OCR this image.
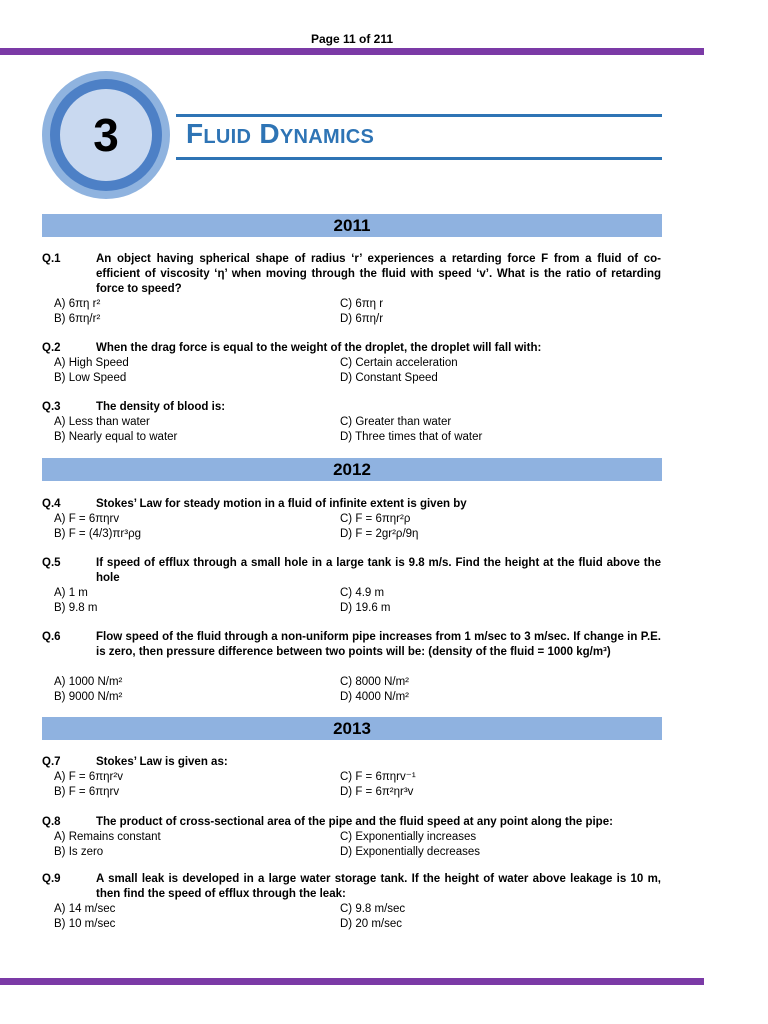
Page 11 of 211
3	Fluid Dynamics
2011
Q.1	An object having spherical shape of radius ‘r’ experiences a retarding force F from a fluid of co-efficient of viscosity ‘η’ when moving through the fluid with speed ‘v’. What is the ratio of retarding force to speed?
A) 6πη r²
B) 6πη/r²
C) 6πη r
D) 6πη/r
Q.2	When the drag force is equal to the weight of the droplet, the droplet will fall with:
A) High Speed
B) Low Speed
C) Certain acceleration
D) Constant Speed
Q.3	The density of blood is:
A) Less than water
B) Nearly equal to water
C) Greater than water
D) Three times that of water
2012
Q.4	Stokes’ Law for steady motion in a fluid of infinite extent is given by
A) F = 6πηrv
B) F = (4/3)πr³ρg
C) F = 6πηr²ρ
D) F = 2gr²ρ/9η
Q.5	If speed of efflux through a small hole in a large tank is 9.8 m/s. Find the height at the fluid above the hole
A) 1 m
B) 9.8 m
C) 4.9 m
D) 19.6 m
Q.6	Flow speed of the fluid through a non-uniform pipe increases from 1 m/sec to 3 m/sec. If change in P.E. is zero, then pressure difference between two points will be: (density of the fluid = 1000 kg/m³)
A) 1000 N/m²
B) 9000 N/m²
C) 8000 N/m²
D) 4000 N/m²
2013
Q.7	Stokes’ Law is given as:
A) F = 6πηr²v
B) F = 6πηrv
C) F = 6πηrv⁻¹
D) F = 6π²ηr³v
Q.8	The product of cross-sectional area of the pipe and the fluid speed at any point along the pipe:
A) Remains constant
B) Is zero
C) Exponentially increases
D) Exponentially decreases
Q.9	A small leak is developed in a large water storage tank. If the height of water above leakage is 10 m, then find the speed of efflux through the leak:
A) 14 m/sec
B) 10 m/sec
C) 9.8 m/sec
D) 20 m/sec
